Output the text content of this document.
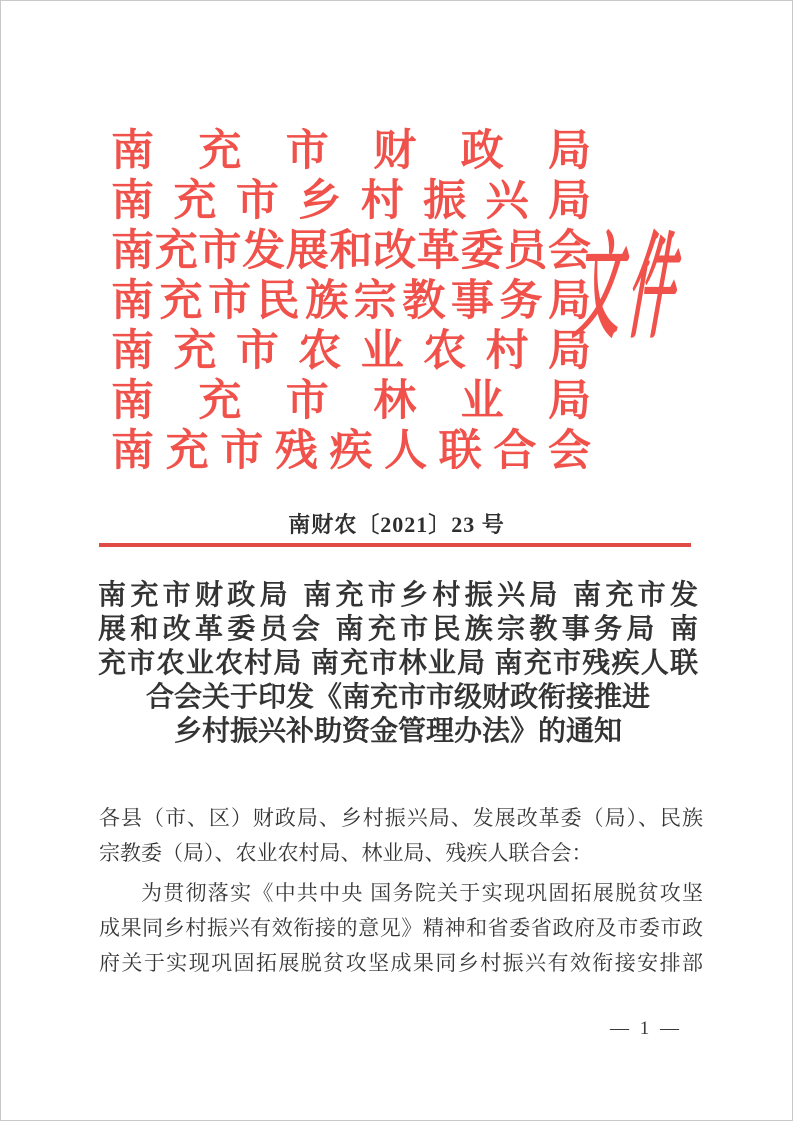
南充市财政局
南充市乡村振兴局
南充市发展和改革委员会
南充市民族宗教事务局
南充市农业农村局
南充市林业局
南充市残疾人联合会
文件
南财农〔2021〕23 号
南充市财政局 南充市乡村振兴局 南充市发
展和改革委员会 南充市民族宗教事务局 南
充市农业农村局 南充市林业局 南充市残疾人联
合会关于印发《南充市市级财政衔接推进
乡村振兴补助资金管理办法》的通知
各县（市、区）财政局、乡村振兴局、发展改革委（局）、民族
宗教委（局）、农业农村局、林业局、残疾人联合会：
为贯彻落实《中共中央 国务院关于实现巩固拓展脱贫攻坚
成果同乡村振兴有效衔接的意见》精神和省委省政府及市委市政
府关于实现巩固拓展脱贫攻坚成果同乡村振兴有效衔接安排部
— 1 —
